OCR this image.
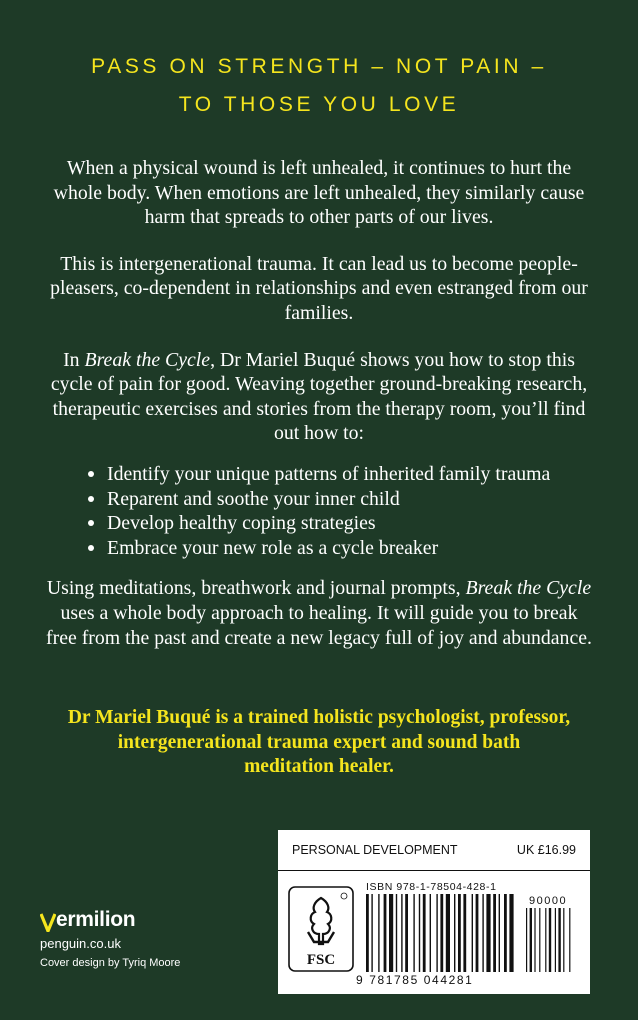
PASS ON STRENGTH – NOT PAIN –
TO THOSE YOU LOVE

When a physical wound is left unhealed, it continues to hurt the whole body. When emotions are left unhealed, they similarly cause harm that spreads to other parts of our lives.

This is intergenerational trauma. It can lead us to become people-pleasers, co-dependent in relationships and even estranged from our families.

In Break the Cycle, Dr Mariel Buqué shows you how to stop this cycle of pain for good. Weaving together ground-breaking research, therapeutic exercises and stories from the therapy room, you’ll find out how to:

Identify your unique patterns of inherited family trauma
Reparent and soothe your inner child
Develop healthy coping strategies
Embrace your new role as a cycle breaker

Using meditations, breathwork and journal prompts, Break the Cycle uses a whole body approach to healing. It will guide you to break free from the past and create a new legacy full of joy and abundance.

Dr Mariel Buqué is a trained holistic psychologist, professor,
intergenerational trauma expert and sound bath
meditation healer.
PERSONAL DEVELOPMENT	UK £16.99
FSC
ISBN 978-1-78504-428-1
90000
9 781785 044281
ermilion
penguin.co.uk
Cover design by Tyriq Moore
